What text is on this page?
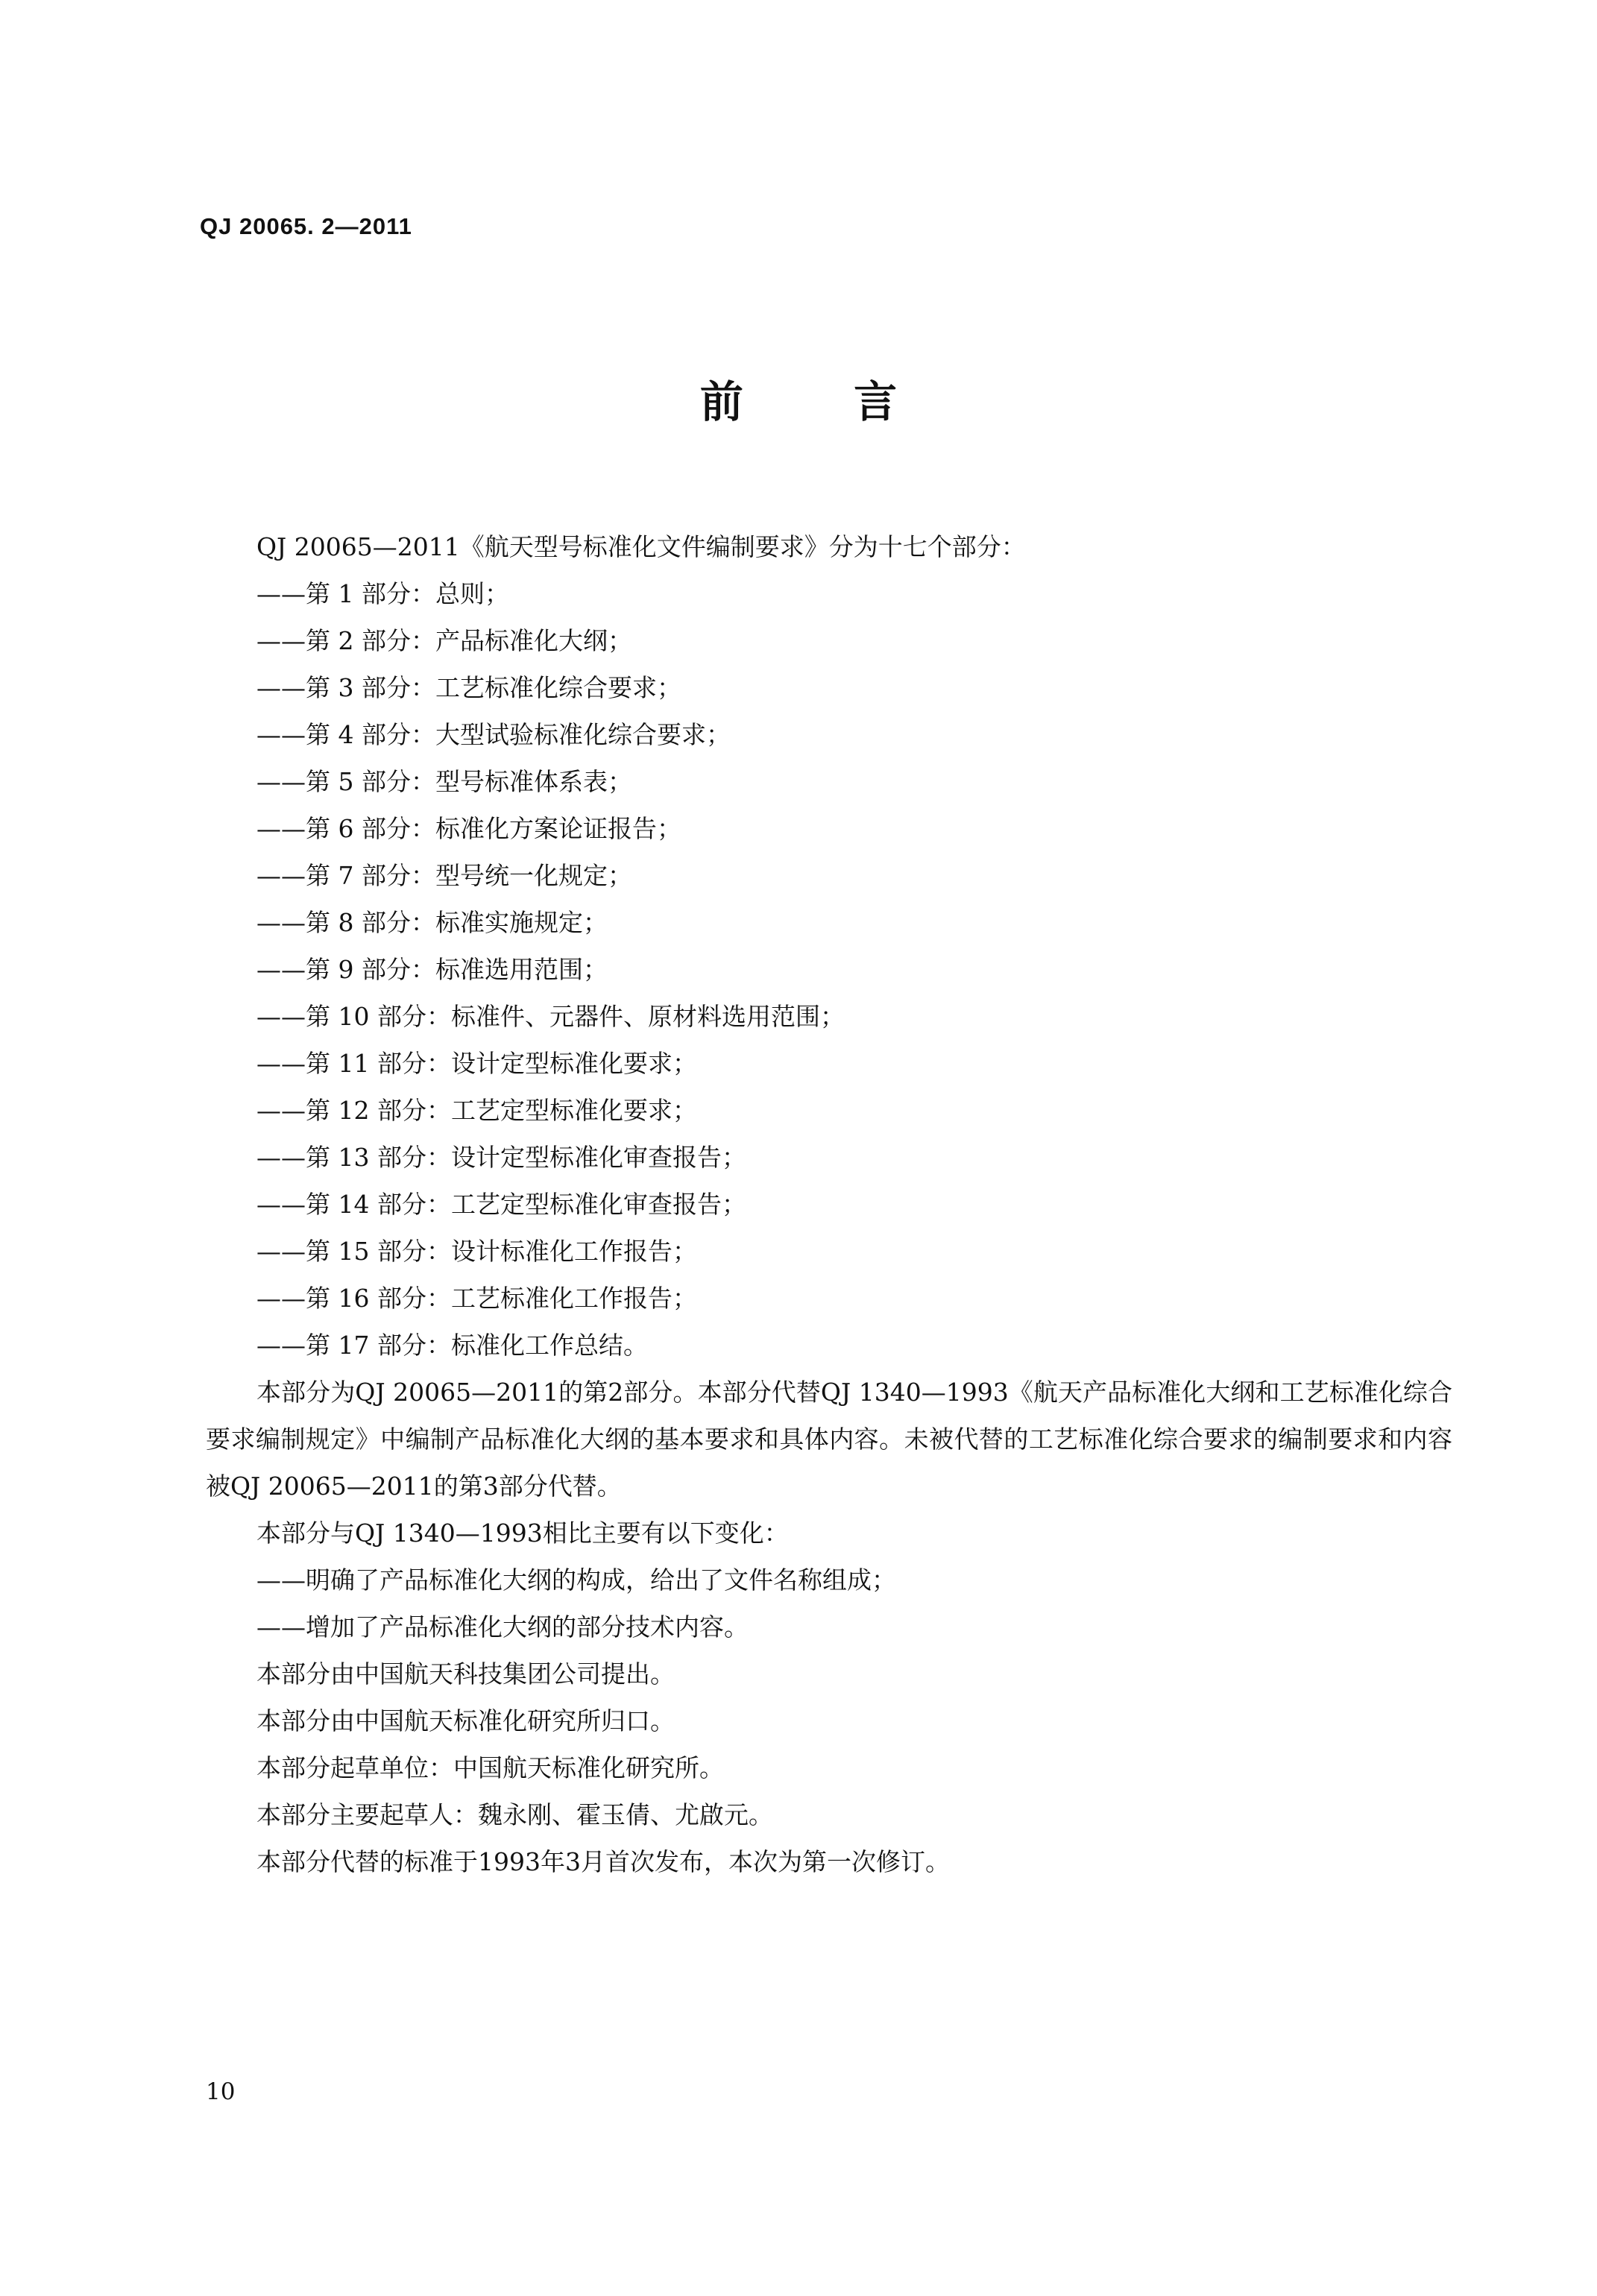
QJ 20065. 2—2011
前 言
QJ 20065—2011《航天型号标准化文件编制要求》分为十七个部分：
——第 1 部分：总则；
——第 2 部分：产品标准化大纲；
——第 3 部分：工艺标准化综合要求；
——第 4 部分：大型试验标准化综合要求；
——第 5 部分：型号标准体系表；
——第 6 部分：标准化方案论证报告；
——第 7 部分：型号统一化规定；
——第 8 部分：标准实施规定；
——第 9 部分：标准选用范围；
——第 10 部分：标准件、元器件、原材料选用范围；
——第 11 部分：设计定型标准化要求；
——第 12 部分：工艺定型标准化要求；
——第 13 部分：设计定型标准化审查报告；
——第 14 部分：工艺定型标准化审查报告；
——第 15 部分：设计标准化工作报告；
——第 16 部分：工艺标准化工作报告；
——第 17 部分：标准化工作总结。
本部分为QJ 20065—2011的第2部分。本部分代替QJ 1340—1993《航天产品标准化大纲和工艺标准化综合要求编制规定》中编制产品标准化大纲的基本要求和具体内容。未被代替的工艺标准化综合要求的编制要求和内容被QJ 20065—2011的第3部分代替。
本部分与QJ 1340—1993相比主要有以下变化：
——明确了产品标准化大纲的构成，给出了文件名称组成；
——增加了产品标准化大纲的部分技术内容。
本部分由中国航天科技集团公司提出。
本部分由中国航天标准化研究所归口。
本部分起草单位：中国航天标准化研究所。
本部分主要起草人：魏永刚、霍玉倩、尤啟元。
本部分代替的标准于1993年3月首次发布，本次为第一次修订。
10
